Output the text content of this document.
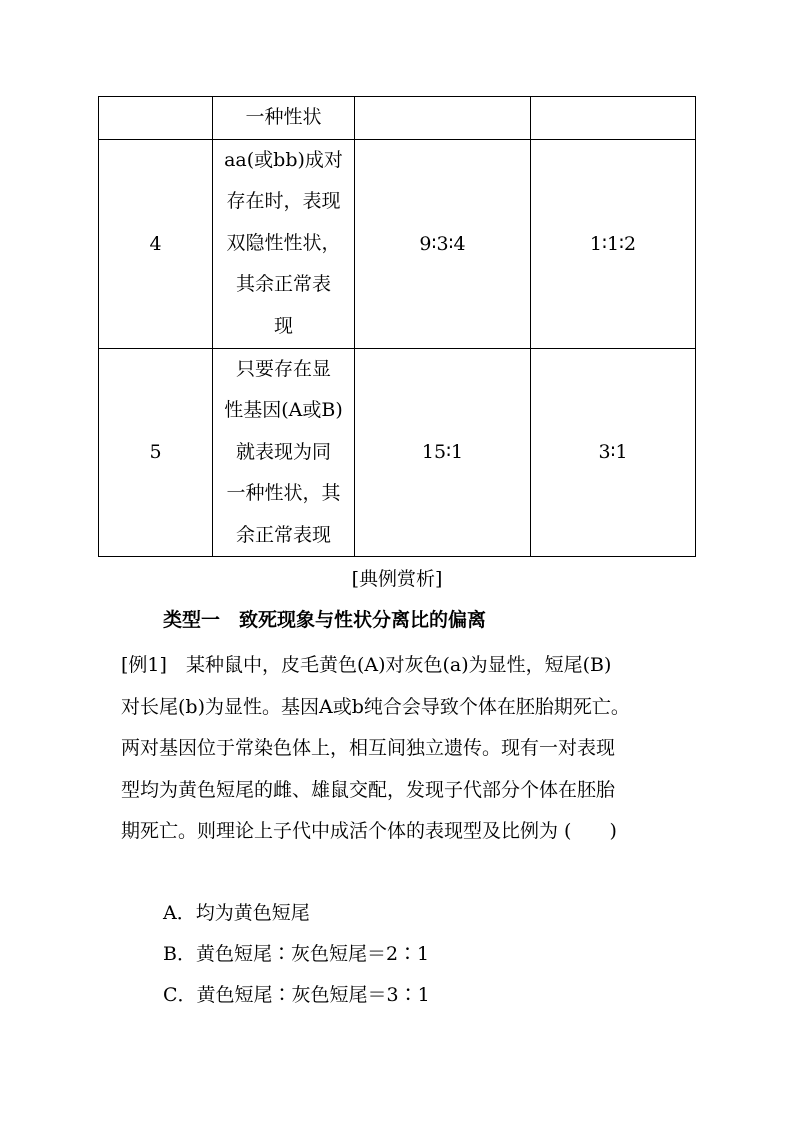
	一种性状		

4	aa(或bb)成对
存在时，表现
双隐性性状，
其余正常表
现	9∶3∶4	1∶1∶2
5	只要存在显
性基因(A或B)
就表现为同
一种性状，其
余正常表现	15∶1	3∶1
[典例赏析]
类型一　 致死现象与性状分离比的偏离
[例1]　 某种鼠中，皮毛黄色(A)对灰色(a)为显性，短尾(B)
对长尾(b)为显性。基因A或b纯合会导致个体在胚胎期死亡。
两对基因位于常染色体上，相互间独立遗传。现有一对表现
型均为黄色短尾的雌、雄鼠交配，发现子代部分个体在胚胎
期死亡。则理论上子代中成活个体的表现型及比例为 (　　)
A．均为黄色短尾
B．黄色短尾∶灰色短尾＝2∶1
C．黄色短尾∶灰色短尾＝3∶1
